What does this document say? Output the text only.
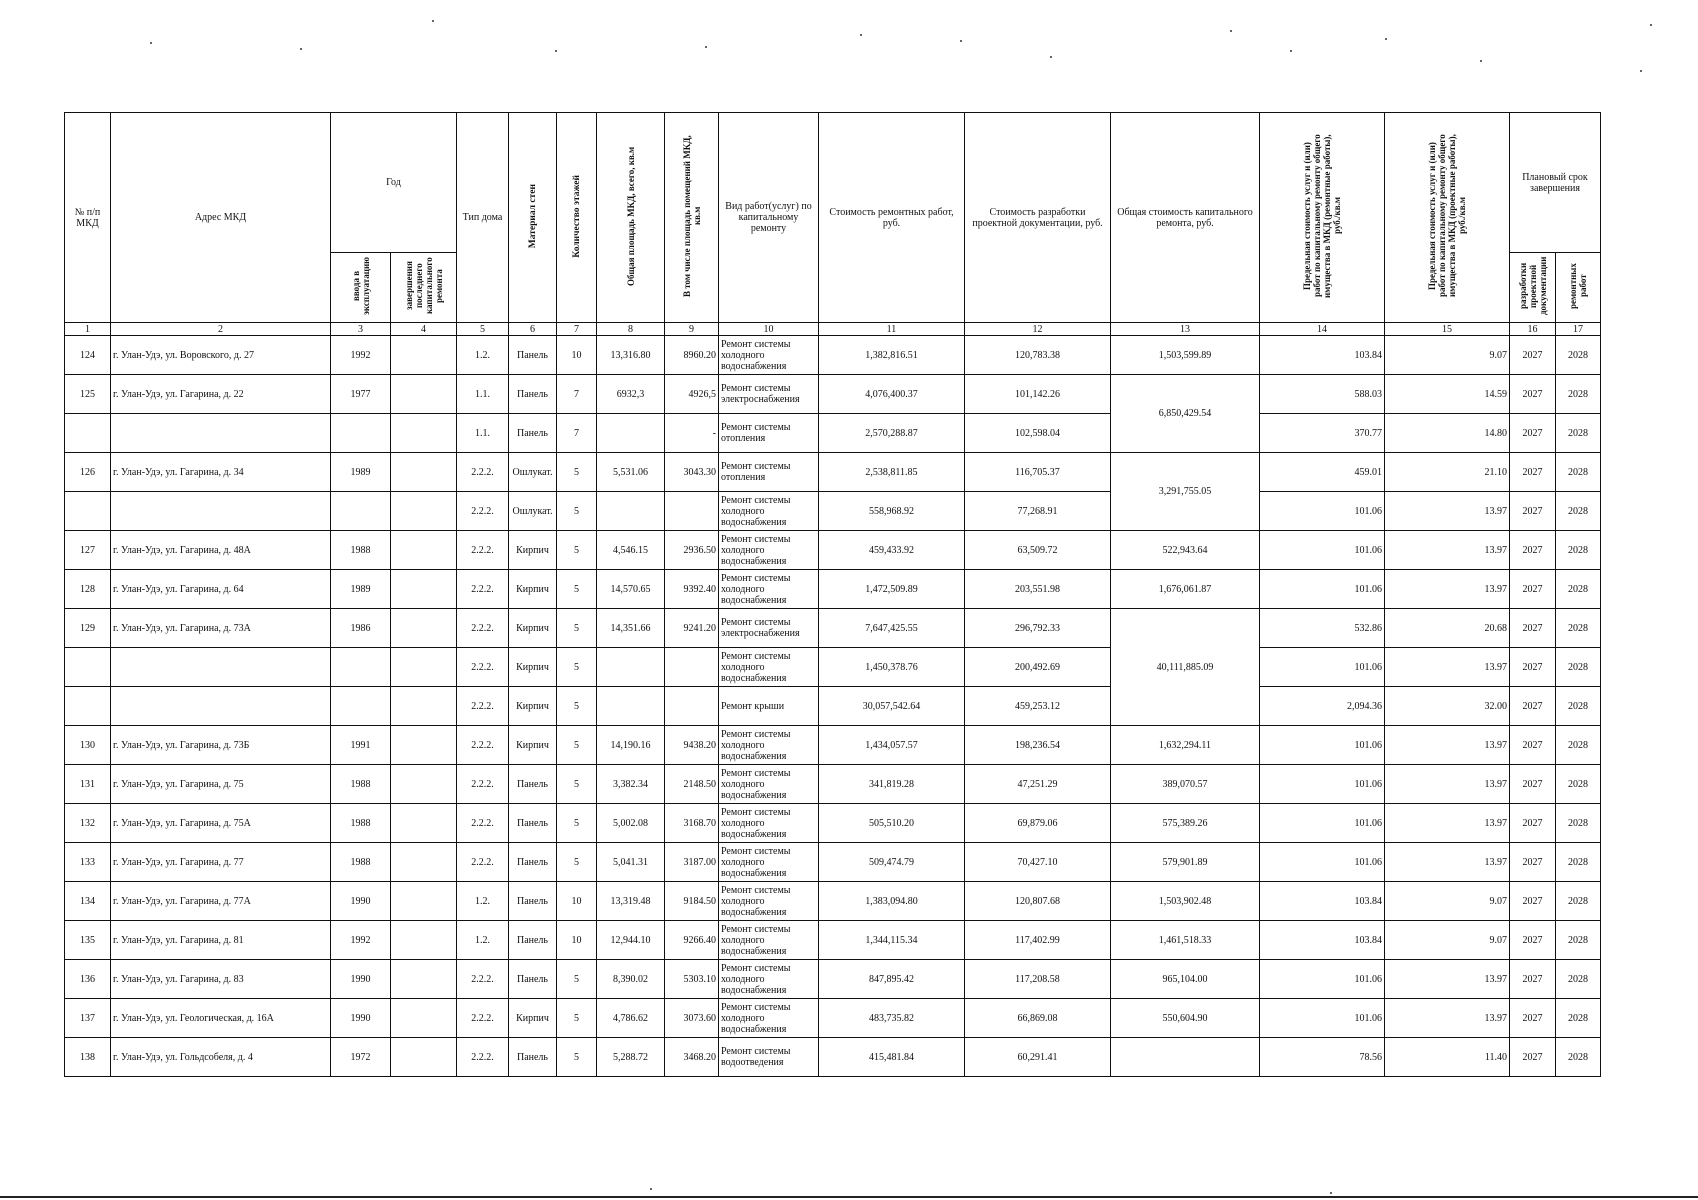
№ п/п МКД	Адрес МКД	Год		Тип дома	Материал стен	Количество этажей	Общая площадь МКД, всего, кв.м	В том числе площадь помещений МКД, кв.м	Вид работ(услуг) по капитальному ремонту	Стоимость ремонтных работ, руб.	Стоимость разработки проектной документации, руб.	Общая стоимость капитального ремонта, руб.	Предельная стоимость услуг и (или) работ по капитальному ремонту общего имущества в МКД (ремонтные работы), руб./кв.м	Предельная стоимость услуг и (или) работ по капитальному ремонту общего имущества в МКД (проектные работы), руб./кв.м	Плановый срок завершения	
		ввода в эксплуатацию	завершения последнего капитального ремонта												разработки проектной документации	ремонтных работ
1	2	3	4	5	6	7	8	9	10	11	12	13	14	15	16	17
124	г. Улан-Удэ, ул. Воровского, д. 27	1992		1.2.	Панель	10	13,316.80	8960.20	Ремонт системы холодного водоснабжения	1,382,816.51	120,783.38	1,503,599.89	103.84	9.07	2027	2028
125	г. Улан-Удэ, ул. Гагарина, д. 22	1977		1.1.	Панель	7	6932,3	4926,5	Ремонт системы электроснабжения	4,076,400.37	101,142.26	6,850,429.54	588.03	14.59	2027	2028
				1.1.	Панель	7		-	Ремонт системы отопления	2,570,288.87	102,598.04		370.77	14.80	2027	2028
126	г. Улан-Удэ, ул. Гагарина, д. 34	1989		2.2.2.	Ошлукат.	5	5,531.06	3043.30	Ремонт системы отопления	2,538,811.85	116,705.37	3,291,755.05	459.01	21.10	2027	2028
				2.2.2.	Ошлукат.	5			Ремонт системы холодного водоснабжения	558,968.92	77,268.91		101.06	13.97	2027	2028
127	г. Улан-Удэ, ул. Гагарина, д. 48А	1988		2.2.2.	Кирпич	5	4,546.15	2936.50	Ремонт системы холодного водоснабжения	459,433.92	63,509.72	522,943.64	101.06	13.97	2027	2028
128	г. Улан-Удэ, ул. Гагарина, д. 64	1989		2.2.2.	Кирпич	5	14,570.65	9392.40	Ремонт системы холодного водоснабжения	1,472,509.89	203,551.98	1,676,061.87	101.06	13.97	2027	2028
129	г. Улан-Удэ, ул. Гагарина, д. 73А	1986		2.2.2.	Кирпич	5	14,351.66	9241.20	Ремонт системы электроснабжения	7,647,425.55	296,792.33	40,111,885.09	532.86	20.68	2027	2028
				2.2.2.	Кирпич	5			Ремонт системы холодного водоснабжения	1,450,378.76	200,492.69		101.06	13.97	2027	2028
				2.2.2.	Кирпич	5			Ремонт крыши	30,057,542.64	459,253.12		2,094.36	32.00	2027	2028
130	г. Улан-Удэ, ул. Гагарина, д. 73Б	1991		2.2.2.	Кирпич	5	14,190.16	9438.20	Ремонт системы холодного водоснабжения	1,434,057.57	198,236.54	1,632,294.11	101.06	13.97	2027	2028
131	г. Улан-Удэ, ул. Гагарина, д. 75	1988		2.2.2.	Панель	5	3,382.34	2148.50	Ремонт системы холодного водоснабжения	341,819.28	47,251.29	389,070.57	101.06	13.97	2027	2028
132	г. Улан-Удэ, ул. Гагарина, д. 75А	1988		2.2.2.	Панель	5	5,002.08	3168.70	Ремонт системы холодного водоснабжения	505,510.20	69,879.06	575,389.26	101.06	13.97	2027	2028
133	г. Улан-Удэ, ул. Гагарина, д. 77	1988		2.2.2.	Панель	5	5,041.31	3187.00	Ремонт системы холодного водоснабжения	509,474.79	70,427.10	579,901.89	101.06	13.97	2027	2028
134	г. Улан-Удэ, ул. Гагарина, д. 77А	1990		1.2.	Панель	10	13,319.48	9184.50	Ремонт системы холодного водоснабжения	1,383,094.80	120,807.68	1,503,902.48	103.84	9.07	2027	2028
135	г. Улан-Удэ, ул. Гагарина, д. 81	1992		1.2.	Панель	10	12,944.10	9266.40	Ремонт системы холодного водоснабжения	1,344,115.34	117,402.99	1,461,518.33	103.84	9.07	2027	2028
136	г. Улан-Удэ, ул. Гагарина, д. 83	1990		2.2.2.	Панель	5	8,390.02	5303.10	Ремонт системы холодного водоснабжения	847,895.42	117,208.58	965,104.00	101.06	13.97	2027	2028
137	г. Улан-Удэ, ул. Геологическая, д. 16А	1990		2.2.2.	Кирпич	5	4,786.62	3073.60	Ремонт системы холодного водоснабжения	483,735.82	66,869.08	550,604.90	101.06	13.97	2027	2028
138	г. Улан-Удэ, ул. Гольдсобеля, д. 4	1972		2.2.2.	Панель	5	5,288.72	3468.20	Ремонт системы водоотведения	415,481.84	60,291.41		78.56	11.40	2027	2028
